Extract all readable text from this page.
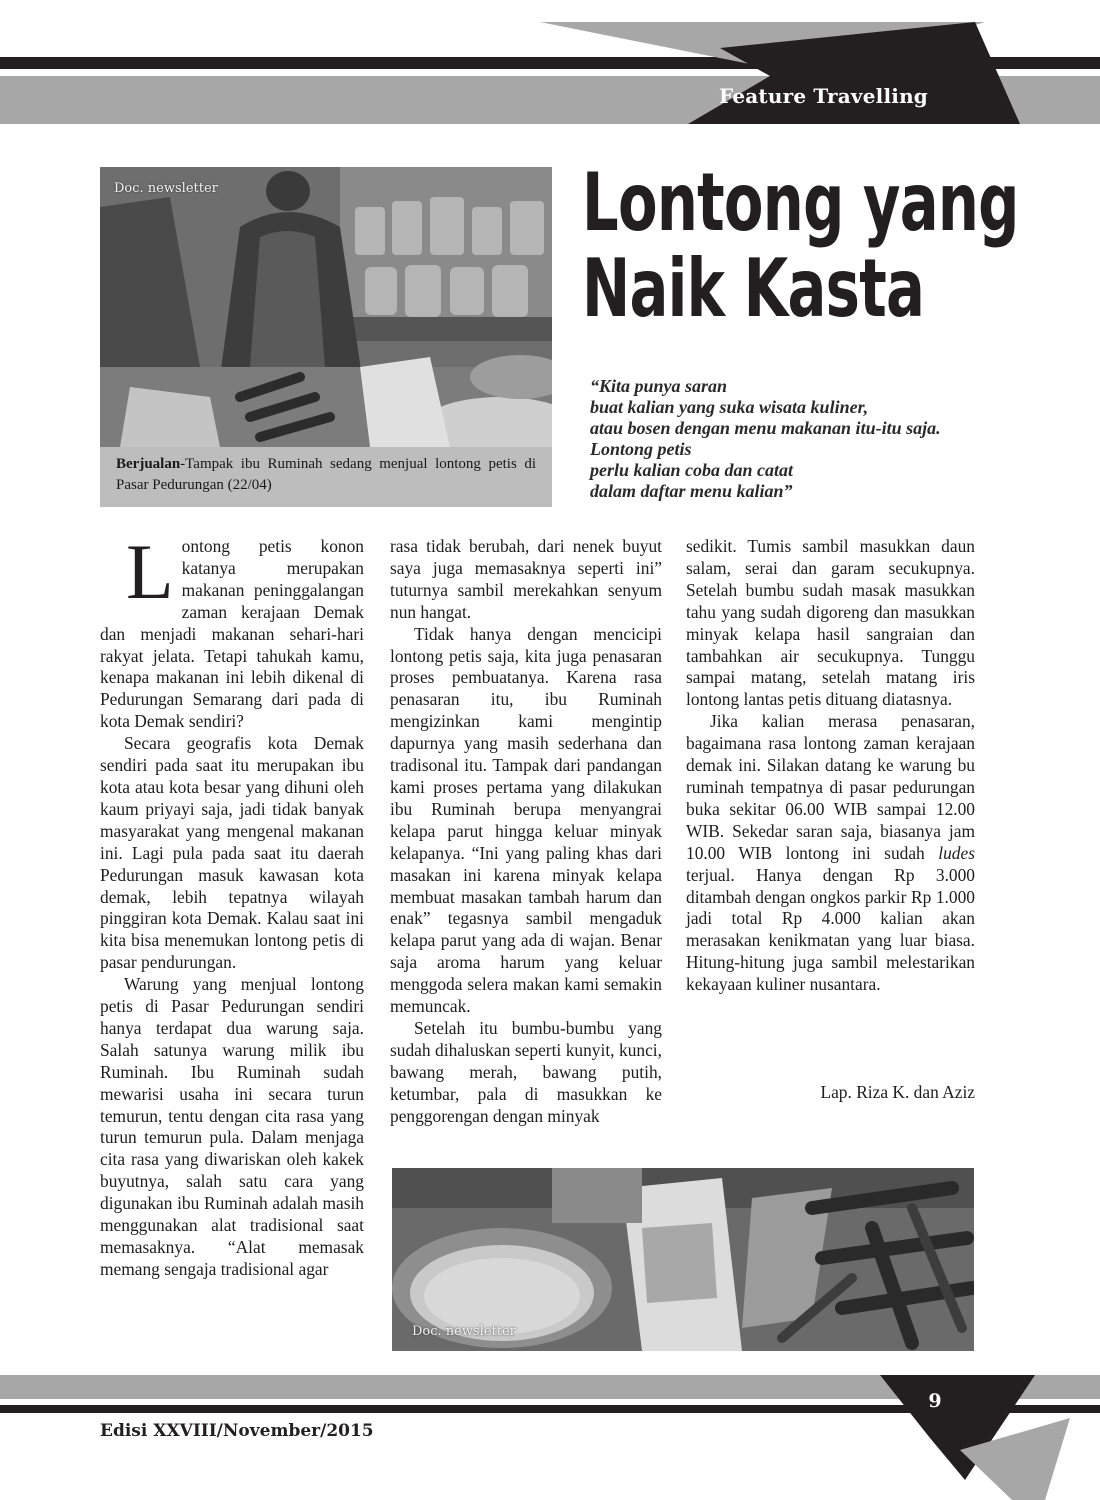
Feature Travelling
Doc. newsletter
Berjualan-Tampak ibu Ruminah sedang menjual lontong petis di Pasar Pedurungan (22/04)
Lontong yang
Naik Kasta
“Kita punya saran
buat kalian yang suka wisata kuliner,
atau bosen dengan menu makanan itu-itu saja.
Lontong petis
perlu kalian coba dan catat
dalam daftar menu kalian”

Lontong petis konon katanya merupakan makanan peninggalangan zaman kerajaan Demak dan menjadi makanan sehari-hari rakyat jelata. Tetapi tahukah kamu, kenapa makanan ini lebih dikenal di Pedurungan Semarang dari pada di kota Demak sendiri?

Secara geografis kota Demak sendiri pada saat itu merupakan ibu kota atau kota besar yang dihuni oleh kaum priyayi saja, jadi tidak banyak masyarakat yang mengenal makanan ini. Lagi pula pada saat itu daerah Pedurungan masuk kawasan kota demak, lebih tepatnya wilayah pinggiran kota Demak. Kalau saat ini kita bisa menemukan lontong petis di pasar pendurungan.

Warung yang menjual lontong petis di Pasar Pedurungan sendiri hanya terdapat dua warung saja. Salah satunya warung milik ibu Ruminah. Ibu Ruminah sudah mewarisi usaha ini secara turun temurun, tentu dengan cita rasa yang turun temurun pula. Dalam menjaga cita rasa yang diwariskan oleh kakek buyutnya, salah satu cara yang digunakan ibu Ruminah adalah masih menggunakan alat tradisional saat memasaknya. “Alat memasak memang sengaja tradisional agar

rasa tidak berubah, dari nenek buyut saya juga memasaknya seperti ini” tuturnya sambil merekahkan senyum nun hangat.

Tidak hanya dengan mencicipi lontong petis saja, kita juga penasaran proses pembuatanya. Karena rasa penasaran itu, ibu Ruminah mengizinkan kami mengintip dapurnya yang masih sederhana dan tradisonal itu. Tampak dari pandangan kami proses pertama yang dilakukan ibu Ruminah berupa menyangrai kelapa parut hingga keluar minyak kelapanya. “Ini yang paling khas dari masakan ini karena minyak kelapa membuat masakan tambah harum dan enak” tegasnya sambil mengaduk kelapa parut yang ada di wajan. Benar saja aroma harum yang keluar menggoda selera makan kami semakin memuncak.

Setelah itu bumbu-bumbu yang sudah dihaluskan seperti kunyit, kunci, bawang merah, bawang putih, ketumbar, pala di masukkan ke penggorengan dengan minyak

sedikit. Tumis sambil masukkan daun salam, serai dan garam secukupnya. Setelah bumbu sudah masak masukkan tahu yang sudah digoreng dan masukkan minyak kelapa hasil sangraian dan tambahkan air secukupnya. Tunggu sampai matang, setelah matang iris lontong lantas petis dituang diatasnya.

Jika kalian merasa penasaran, bagaimana rasa lontong zaman kerajaan demak ini. Silakan datang ke warung bu ruminah tempatnya di pasar pedurungan buka sekitar 06.00 WIB sampai 12.00 WIB. Sekedar saran saja, biasanya jam 10.00 WIB lontong ini sudah ludes terjual. Hanya dengan Rp 3.000 ditambah dengan ongkos parkir Rp 1.000 jadi total Rp 4.000 kalian akan merasakan kenikmatan yang luar biasa. Hitung-hitung juga sambil melestarikan kekayaan kuliner nusantara.

Lap. Riza K. dan Aziz
Doc. newsletter
9
Edisi XXVIII/November/2015
